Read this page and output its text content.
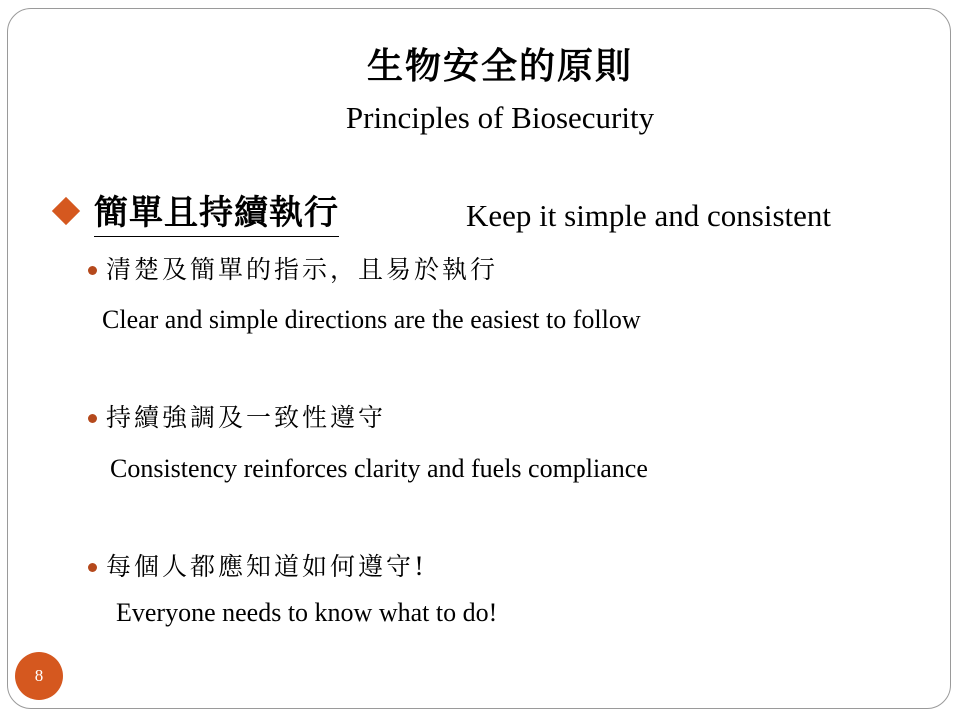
生物安全的原則
Principles of Biosecurity
簡單且持續執行	Keep it simple and consistent
清楚及簡單的指示，且易於執行
Clear and simple directions are the easiest to follow
持續強調及一致性遵守
Consistency reinforces clarity and fuels compliance
每個人都應知道如何遵守!
Everyone needs to know what to do!
8
